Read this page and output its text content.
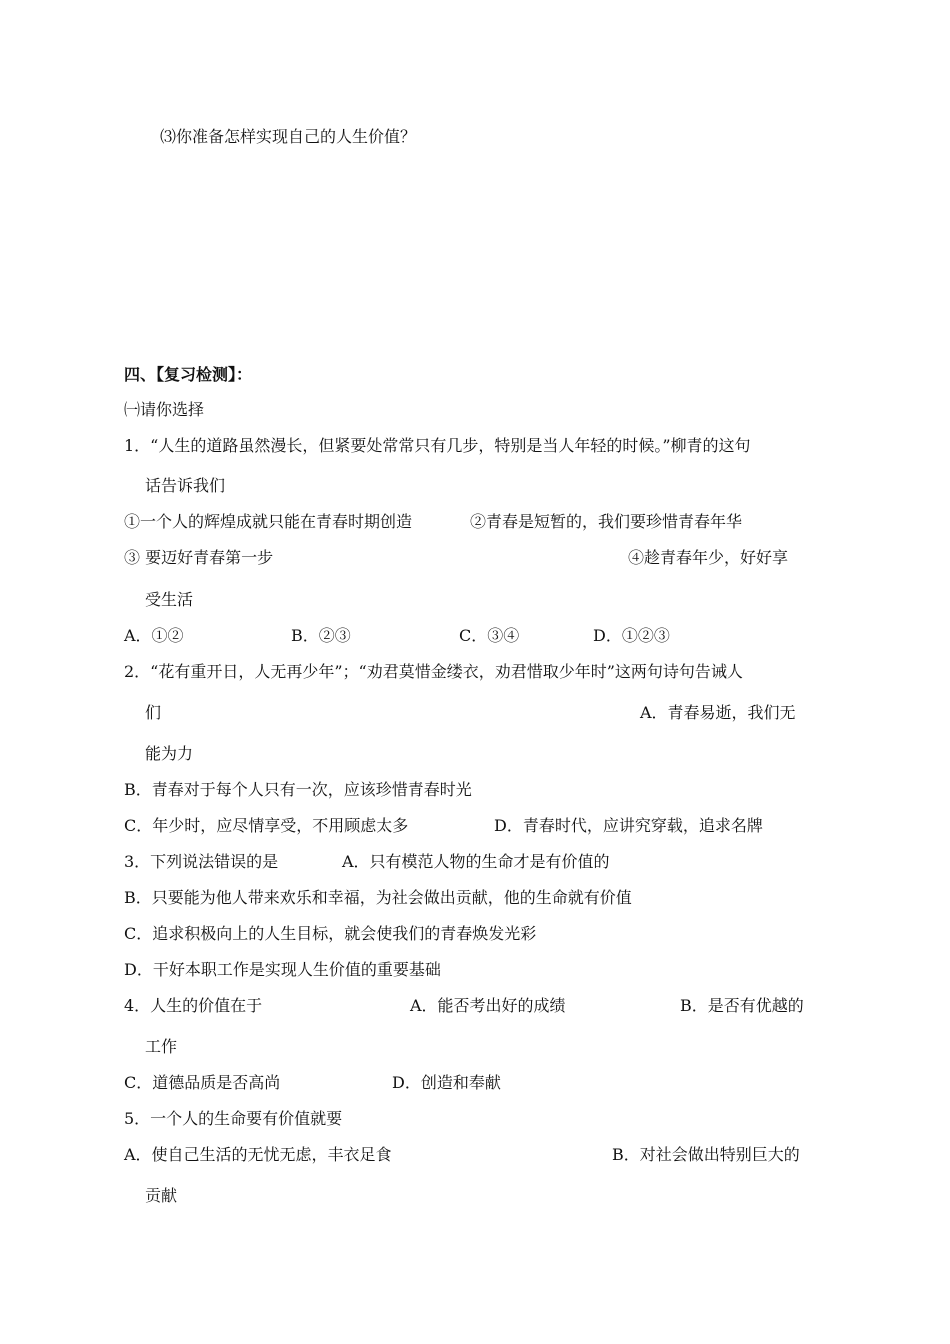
⑶你准备怎样实现自己的人生价值？
四、【复习检测】：
㈠请你选择
1．“人生的道路虽然漫长，但紧要处常常只有几步，特别是当人年轻的时候。”柳青的这句
话告诉我们
①一个人的辉煌成就只能在青春时期创造	②青春是短暂的，我们要珍惜青春年华
③ 要迈好青春第一步	④趁青春年少，好好享
受生活
A．①②	B．②③	C．③④	D．①②③
2．“花有重开日，人无再少年”；“劝君莫惜金缕衣，劝君惜取少年时”这两句诗句告诫人
们	A．青春易逝，我们无
能为力
B．青春对于每个人只有一次，应该珍惜青春时光
C．年少时，应尽情享受，不用顾虑太多	D．青春时代，应讲究穿载，追求名牌
3．下列说法错误的是	A．只有模范人物的生命才是有价值的
B．只要能为他人带来欢乐和幸福，为社会做出贡献，他的生命就有价值
C．追求积极向上的人生目标，就会使我们的青春焕发光彩
D．干好本职工作是实现人生价值的重要基础
4．人生的价值在于	A．能否考出好的成绩	B．是否有优越的
工作
C．道德品质是否高尚	D．创造和奉献
5．一个人的生命要有价值就要
A．使自己生活的无忧无虑，丰衣足食	B．对社会做出特别巨大的
贡献
